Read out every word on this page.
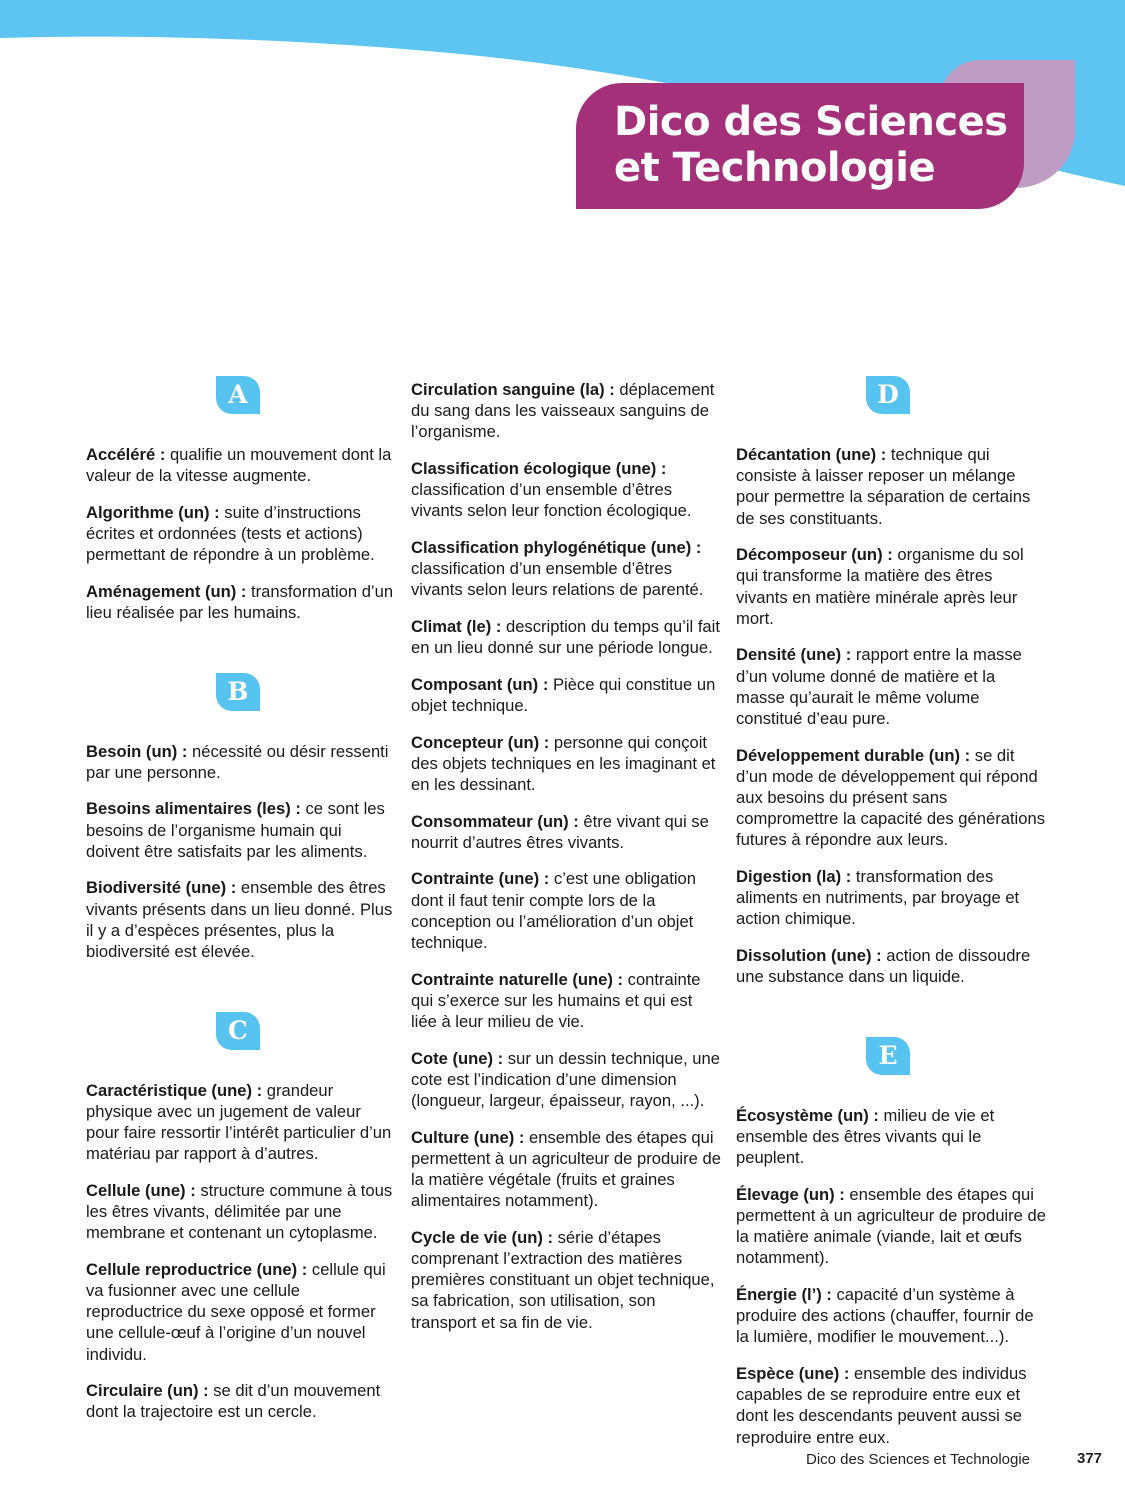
Dico des Sciences
et Technologie
A

Accéléré : qualifie un mouvement dont la valeur de la vitesse augmente.

Algorithme (un) : suite d’instructions écrites et ordonnées (tests et actions) permettant de répondre à un problème.

Aménagement (un) : transformation d’un lieu réalisée par les humains.

B

Besoin (un) : nécessité ou désir ressenti par une personne.

Besoins alimentaires (les) : ce sont les besoins de l’organisme humain qui doivent être satisfaits par les aliments.

Biodiversité (une) : ensemble des êtres vivants présents dans un lieu donné. Plus il y a d’espèces présentes, plus la biodiversité est élevée.

C

Caractéristique (une) : grandeur physique avec un jugement de valeur pour faire ressortir l’intérêt particulier d’un matériau par rapport à d’autres.

Cellule (une) : structure commune à tous les êtres vivants, délimitée par une membrane et contenant un cytoplasme.

Cellule reproductrice (une) : cellule qui va fusionner avec une cellule reproductrice du sexe opposé et former une cellule-œuf à l’origine d’un nouvel individu.

Circulaire (un) : se dit d’un mouvement dont la trajectoire est un cercle.

Circulation sanguine (la) : déplacement du sang dans les vaisseaux sanguins de l’organisme.

Classification écologique (une) : classification d’un ensemble d’êtres vivants selon leur fonction écologique.

Classification phylogénétique (une) : classification d’un ensemble d’êtres vivants selon leurs relations de parenté.

Climat (le) : description du temps qu’il fait en un lieu donné sur une période longue.

Composant (un) : Pièce qui constitue un objet technique.

Concepteur (un) : personne qui conçoit des objets techniques en les imaginant et en les dessinant.

Consommateur (un) : être vivant qui se nourrit d’autres êtres vivants.

Contrainte (une) : c’est une obligation dont il faut tenir compte lors de la conception ou l’amélioration d’un objet technique.

Contrainte naturelle (une) : contrainte qui s’exerce sur les humains et qui est liée à leur milieu de vie.

Cote (une) : sur un dessin technique, une cote est l’indication d’une dimension (longueur, largeur, épaisseur, rayon, ...).

Culture (une) : ensemble des étapes qui permettent à un agriculteur de produire de la matière végétale (fruits et graines alimentaires notamment).

Cycle de vie (un) : série d’étapes comprenant l’extraction des matières premières constituant un objet technique, sa fabrication, son utilisation, son transport et sa fin de vie.

D

Décantation (une) : technique qui consiste à laisser reposer un mélange pour permettre la séparation de certains de ses constituants.

Décomposeur (un) : organisme du sol qui transforme la matière des êtres vivants en matière minérale après leur mort.

Densité (une) : rapport entre la masse d’un volume donné de matière et la masse qu’aurait le même volume constitué d’eau pure.

Développement durable (un) : se dit d’un mode de développement qui répond aux besoins du présent sans compromettre la capacité des générations futures à répondre aux leurs.

Digestion (la) : transformation des aliments en nutriments, par broyage et action chimique.

Dissolution (une) : action de dissoudre une substance dans un liquide.

E

Écosystème (un) : milieu de vie et ensemble des êtres vivants qui le peuplent.

Élevage (un) : ensemble des étapes qui permettent à un agriculteur de produire de la matière animale (viande, lait et œufs notamment).

Énergie (l’) : capacité d’un système à produire des actions (chauffer, fournir de la lumière, modifier le mouvement...).

Espèce (une) : ensemble des individus capables de se reproduire entre eux et dont les descendants peuvent aussi se reproduire entre eux.

Dico des Sciences et Technologie	377
